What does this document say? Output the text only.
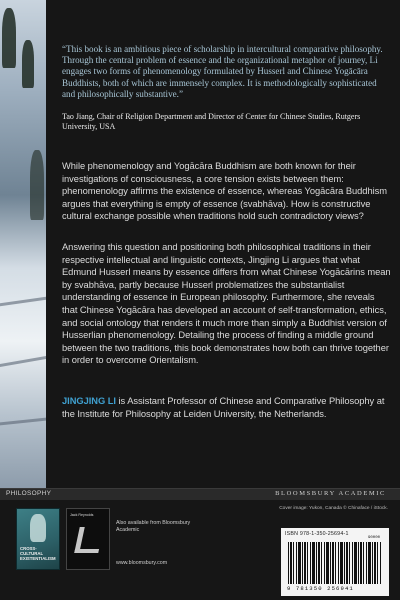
“This book is an ambitious piece of scholarship in intercultural comparative philosophy. Through the central problem of essence and the organizational metaphor of journey, Li engages two forms of phenomenology formulated by Husserl and Chinese Yogācāra Buddhists, both of which are immensely complex. It is methodologically sophisticated and philosophically substantive.”
Tao Jiang, Chair of Religion Department and Director of Center for Chinese Studies, Rutgers University, USA
While phenomenology and Yogācāra Buddhism are both known for their investigations of consciousness, a core tension exists between them: phenomenology affirms the existence of essence, whereas Yogācāra Buddhism argues that everything is empty of essence (svabhāva). How is constructive cultural exchange possible when traditions hold such contradictory views?
Answering this question and positioning both philosophical traditions in their respective intellectual and linguistic contexts, Jingjing Li argues that what Edmund Husserl means by essence differs from what Chinese Yogācārins mean by svabhāva, partly because Husserl problematizes the substantialist understanding of essence in European philosophy. Furthermore, she reveals that Chinese Yogācāra has developed an account of self-transformation, ethics, and social ontology that renders it much more than simply a Buddhist version of Husserlian phenomenology. Detailing the process of finding a middle ground between the two traditions, this book demonstrates how both can thrive together in order to overcome Orientalism.
JINGJING LI is Assistant Professor of Chinese and Comparative Philosophy at the Institute for Philosophy at Leiden University, the Netherlands.
PHILOSOPHY	BLOOMSBURY ACADEMIC
CROSS-CULTURAL EXISTENTIALISM
Jack Reynolds
Also available from Bloomsbury Academic
www.bloomsbury.com
Cover image: Yukon, Canada © Chinaface / iStock.
ISBN 978-1-350-25694-1
9 781350 256941
90000
